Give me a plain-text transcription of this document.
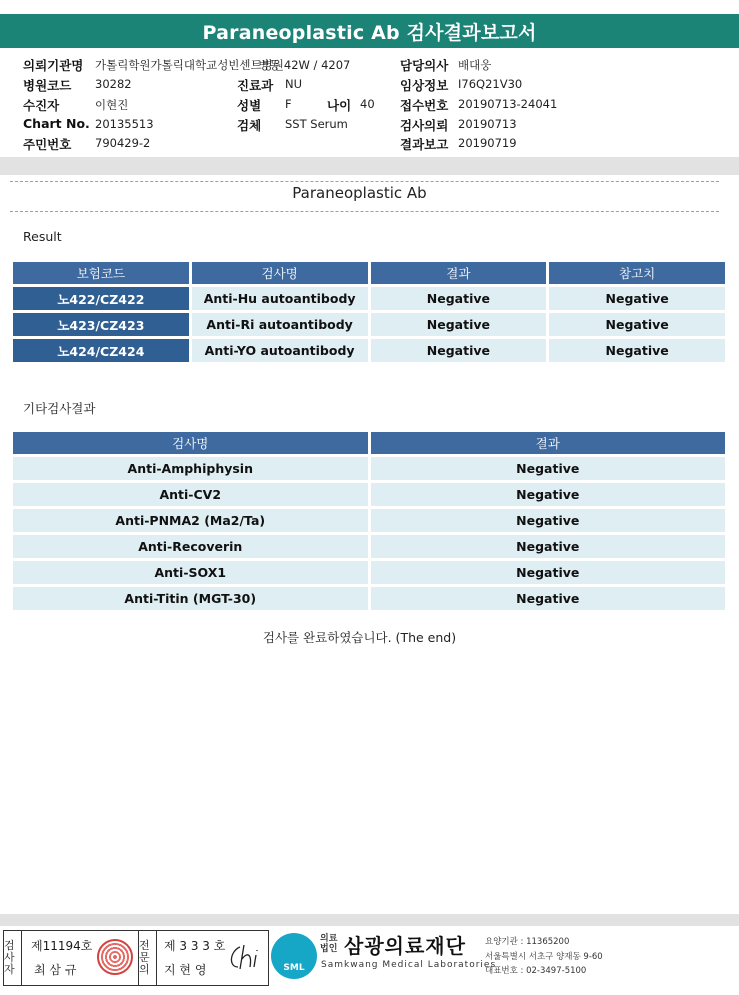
Paraneoplastic Ab 검사결과보고서
의뢰기관명 가톨릭학원가톨릭대학교성빈센트병원
병동 42W / 4207	담당의사 배대웅
병원코드 30282	진료과 NU	임상정보 I76Q21V30
수진자	이현진	성별 F	나이 40 접수번호 20190713-24041
Chart No. 20135513	검체 SST Serum	검사의뢰 20190713
주민번호 790429-2	결과보고 20190719
Paraneoplastic Ab
Result
보험코드	검사명	결과	참고치
노422/CZ422	Anti-Hu autoantibody	Negative	Negative
노423/CZ423	Anti-Ri autoantibody	Negative	Negative
노424/CZ424	Anti-YO autoantibody	Negative	Negative
기타검사결과
검사명	결과
Anti-Amphiphysin	Negative
Anti-CV2	Negative
Anti-PNMA2 (Ma2/Ta)	Negative
Anti-Recoverin	Negative
Anti-SOX1	Negative
Anti-Titin (MGT-30)	Negative
검사를 완료하였습니다. (The end)
검사자
제11194호
최 삼 규
전문의
제 3 3 3 호
지 현 영	SML
의료법인 삼광의료재단
Samkwang Medical Laboratories
요양기관 : 11365200
서울특별시 서초구 양재동 9-60
대표번호 : 02-3497-5100
